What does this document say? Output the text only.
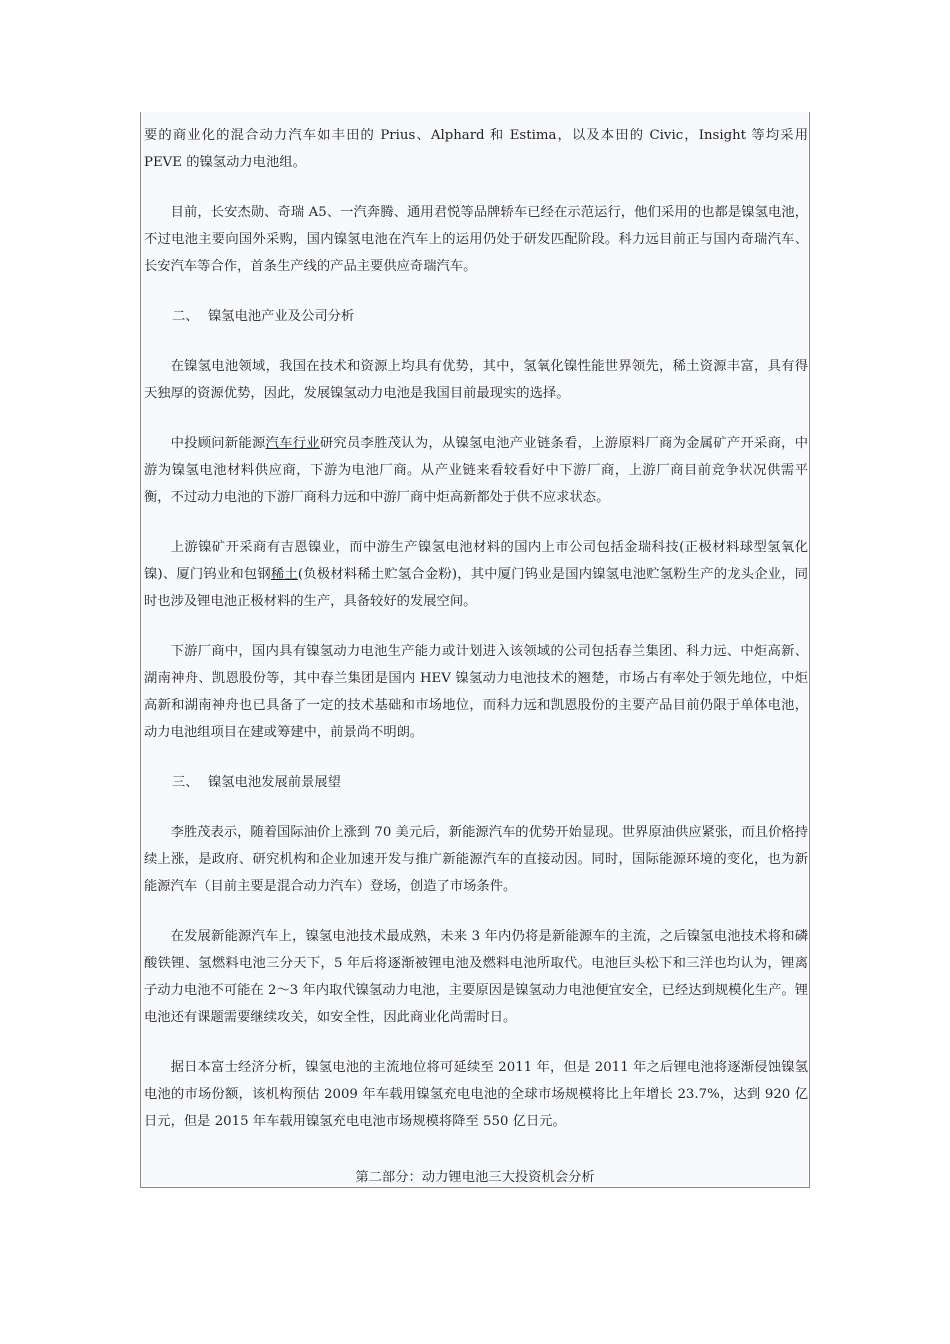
要的商业化的混合动力汽车如丰田的 Prius、Alphard 和 Estima，以及本田的 Civic，Insight 等均采用 PEVE 的镍氢动力电池组。

目前，长安杰勋、奇瑞 A5、一汽奔腾、通用君悦等品牌轿车已经在示范运行，他们采用的也都是镍氢电池，不过电池主要向国外采购，国内镍氢电池在汽车上的运用仍处于研发匹配阶段。科力远目前正与国内奇瑞汽车、长安汽车等合作，首条生产线的产品主要供应奇瑞汽车。

二、 镍氢电池产业及公司分析

在镍氢电池领域，我国在技术和资源上均具有优势，其中，氢氧化镍性能世界领先，稀土资源丰富，具有得天独厚的资源优势，因此，发展镍氢动力电池是我国目前最现实的选择。

中投顾问新能源汽车行业研究员李胜茂认为，从镍氢电池产业链条看，上游原料厂商为金属矿产开采商，中游为镍氢电池材料供应商，下游为电池厂商。从产业链来看较看好中下游厂商，上游厂商目前竞争状况供需平衡，不过动力电池的下游厂商科力远和中游厂商中炬高新都处于供不应求状态。

上游镍矿开采商有吉恩镍业，而中游生产镍氢电池材料的国内上市公司包括金瑞科技(正极材料球型氢氧化镍)、厦门钨业和包钢稀土(负极材料稀土贮氢合金粉)，其中厦门钨业是国内镍氢电池贮氢粉生产的龙头企业，同时也涉及锂电池正极材料的生产，具备较好的发展空间。

下游厂商中，国内具有镍氢动力电池生产能力或计划进入该领域的公司包括春兰集团、科力远、中炬高新、湖南神舟、凯恩股份等，其中春兰集团是国内 HEV 镍氢动力电池技术的翘楚，市场占有率处于领先地位，中炬高新和湖南神舟也已具备了一定的技术基础和市场地位，而科力远和凯恩股份的主要产品目前仍限于单体电池，动力电池组项目在建或筹建中，前景尚不明朗。

三、 镍氢电池发展前景展望

李胜茂表示，随着国际油价上涨到 70 美元后，新能源汽车的优势开始显现。世界原油供应紧张，而且价格持续上涨，是政府、研究机构和企业加速开发与推广新能源汽车的直接动因。同时，国际能源环境的变化，也为新能源汽车（目前主要是混合动力汽车）登场，创造了市场条件。

在发展新能源汽车上，镍氢电池技术最成熟，未来 3 年内仍将是新能源车的主流，之后镍氢电池技术将和磷酸铁锂、氢燃料电池三分天下，5 年后将逐渐被锂电池及燃料电池所取代。电池巨头松下和三洋也均认为，锂离子动力电池不可能在 2～3 年内取代镍氢动力电池，主要原因是镍氢动力电池便宜安全，已经达到规模化生产。锂电池还有课题需要继续攻关，如安全性，因此商业化尚需时日。

据日本富士经济分析，镍氢电池的主流地位将可延续至 2011 年，但是 2011 年之后锂电池将逐渐侵蚀镍氢电池的市场份额，该机构预估 2009 年车载用镍氢充电电池的全球市场规模将比上年增长 23.7%，达到 920 亿日元，但是 2015 年车载用镍氢充电电池市场规模将降至 550 亿日元。

第二部分：动力锂电池三大投资机会分析
